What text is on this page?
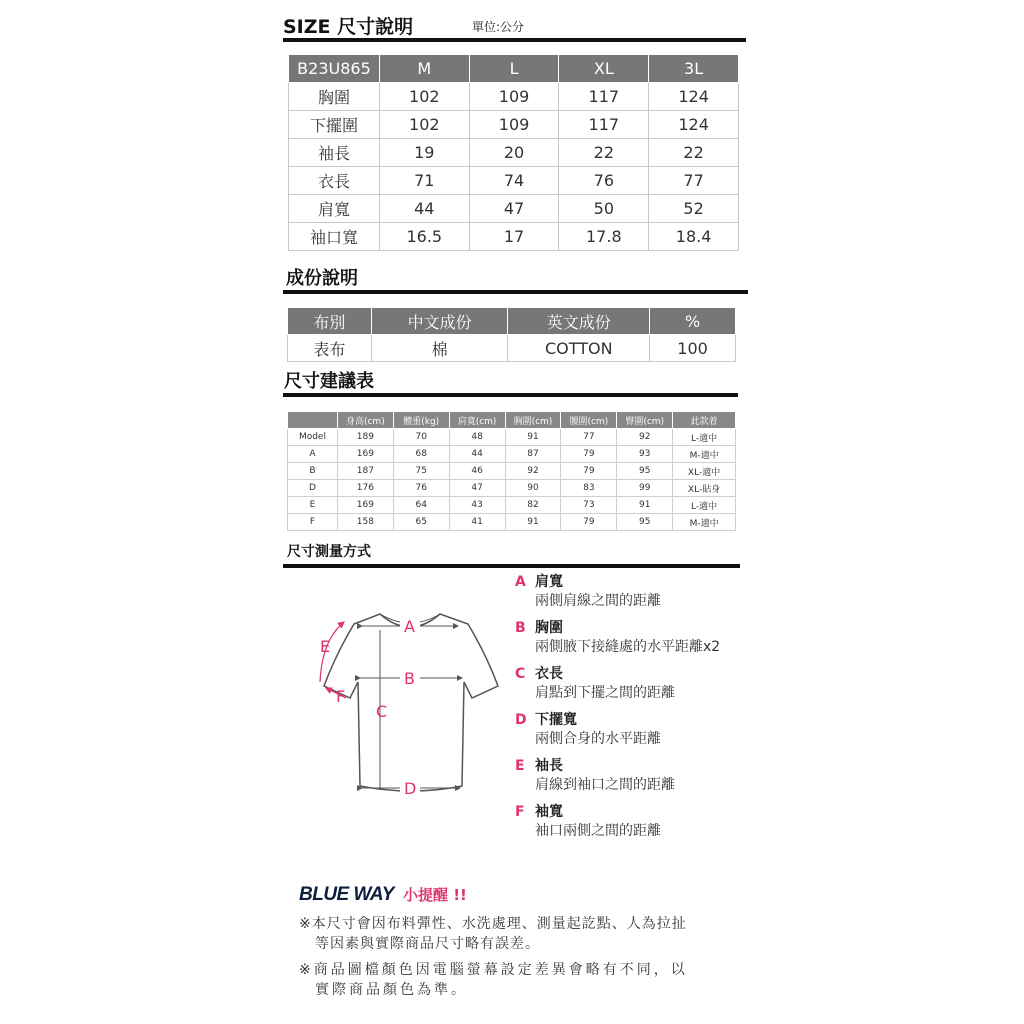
SIZE 尺寸說明	單位:公分
B23U865	M	L	XL	3L
胸圍	102	109	117	124
下擺圍	102	109	117	124
袖長	19	20	22	22
衣長	71	74	76	77
肩寬	44	47	50	52
袖口寬	16.5	17	17.8	18.4
成份說明
布別	中文成份	英文成份	%
表布	棉	COTTON	100
尺寸建議表
	身高(cm)	體重(kg)	肩寬(cm)	胸圍(cm)	腰圍(cm)	臀圍(cm)	此款着
Model	189	70	48	91	77	92	L-適中
A	169	68	44	87	79	93	M-適中
B	187	75	46	92	79	95	XL-適中
D	176	76	47	90	83	99	XL-貼身
E	169	64	43	82	73	91	L-適中
F	158	65	41	91	79	95	M-適中
尺寸測量方式
A
B
C
D
E
F
A 肩寬
兩側肩線之間的距離
B 胸圍
兩側腋下接縫處的水平距離x2
C 衣長
肩點到下擺之間的距離
D 下擺寬
兩側合身的水平距離
E 袖長
肩線到袖口之間的距離
F 袖寬
袖口兩側之間的距離
BLUE WAY 小提醒 !!
※本尺寸會因布料彈性、水洗處理、測量起訖點、人為拉扯
等因素與實際商品尺寸略有誤差。
※商品圖檔顏色因電腦螢幕設定差異會略有不同，以
實際商品顏色為準。
